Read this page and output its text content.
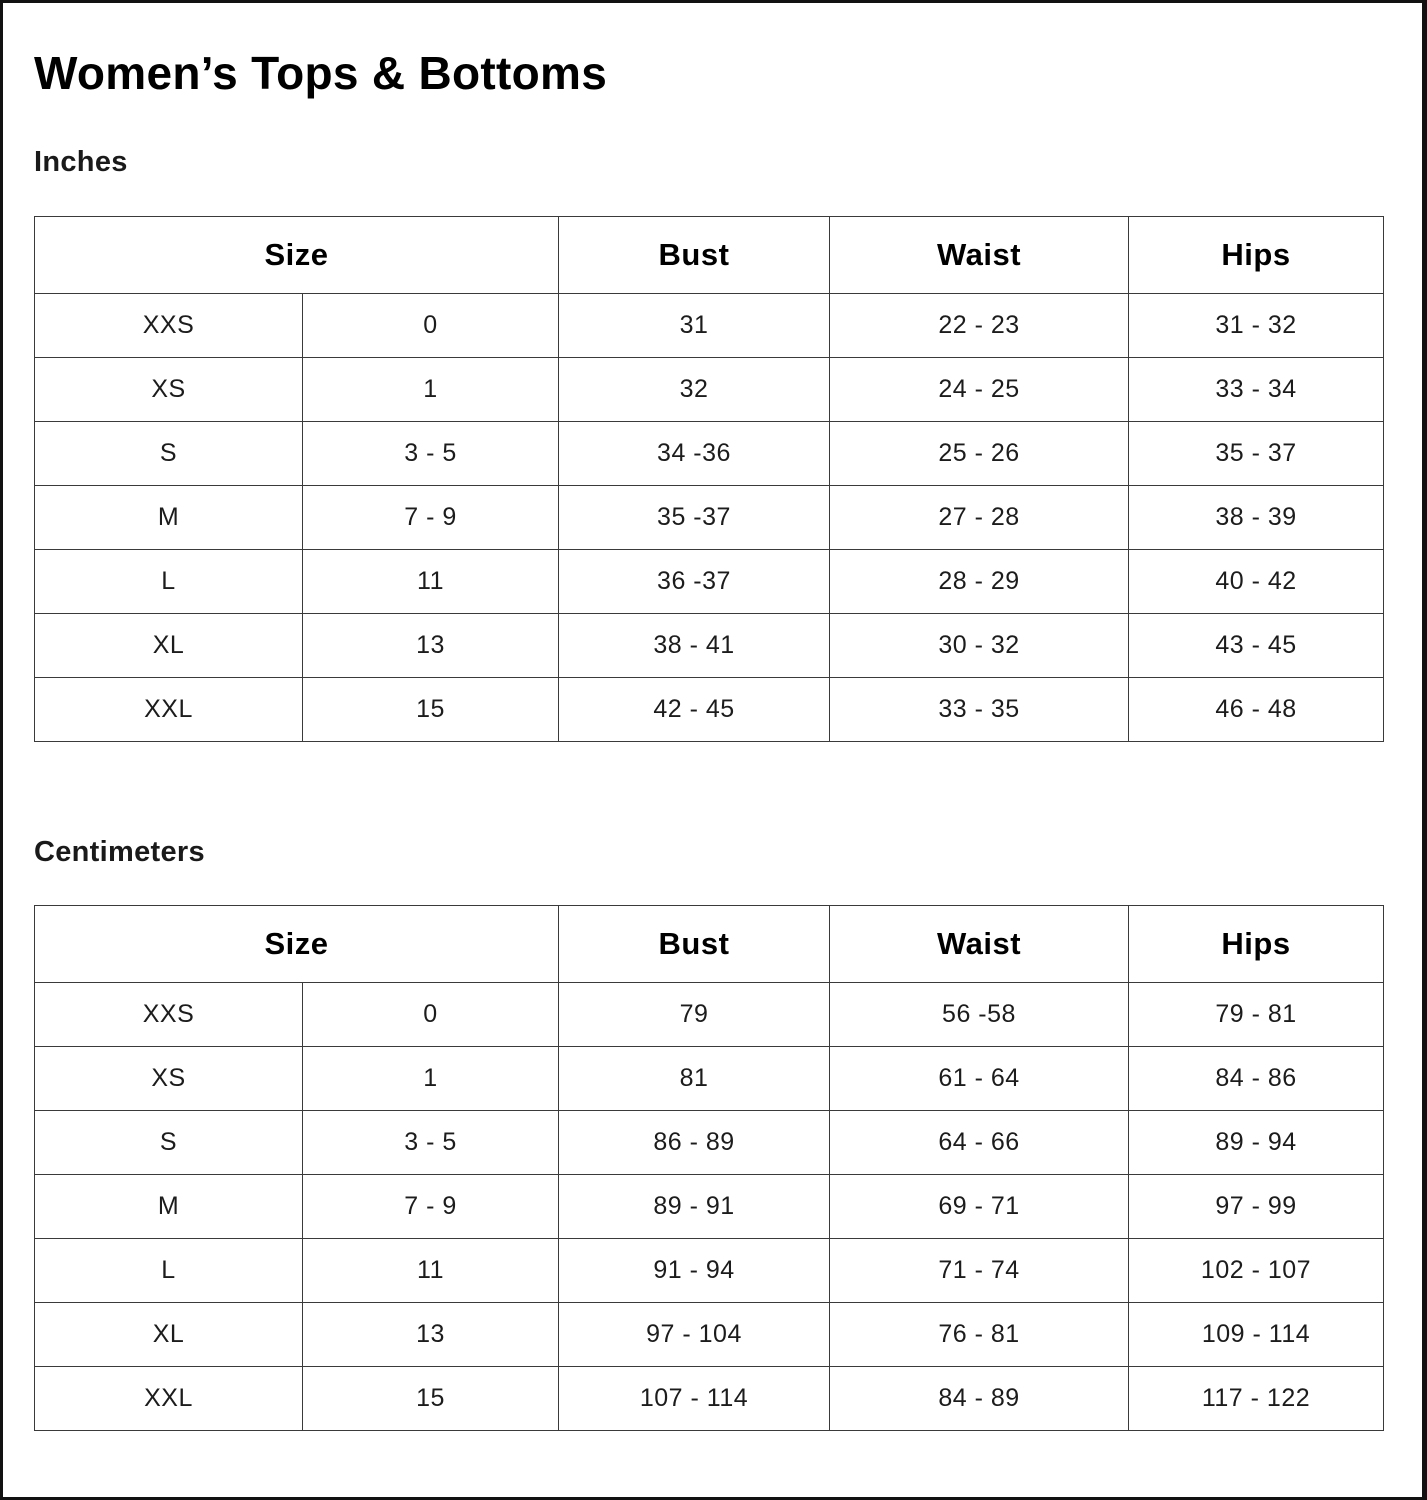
Women’s Tops & Bottoms
Inches
Size		Bust	Waist	Hips
XXS	0	31	22 - 23	31 - 32
XS	1	32	24 - 25	33 - 34
S	3 - 5	34 -36	25 - 26	35 - 37
M	7 - 9	35 -37	27 - 28	38 - 39
L	11	36 -37	28 - 29	40 - 42
XL	13	38 - 41	30 - 32	43 - 45
XXL	15	42 - 45	33 - 35	46 - 48
Centimeters
Size		Bust	Waist	Hips
XXS	0	79	56 -58	79 - 81
XS	1	81	61 - 64	84 - 86
S	3 - 5	86 - 89	64 - 66	89 - 94
M	7 - 9	89 - 91	69 - 71	97 - 99
L	11	91 - 94	71 - 74	102 - 107
XL	13	97 - 104	76 - 81	109 - 114
XXL	15	107 - 114	84 - 89	117 - 122
